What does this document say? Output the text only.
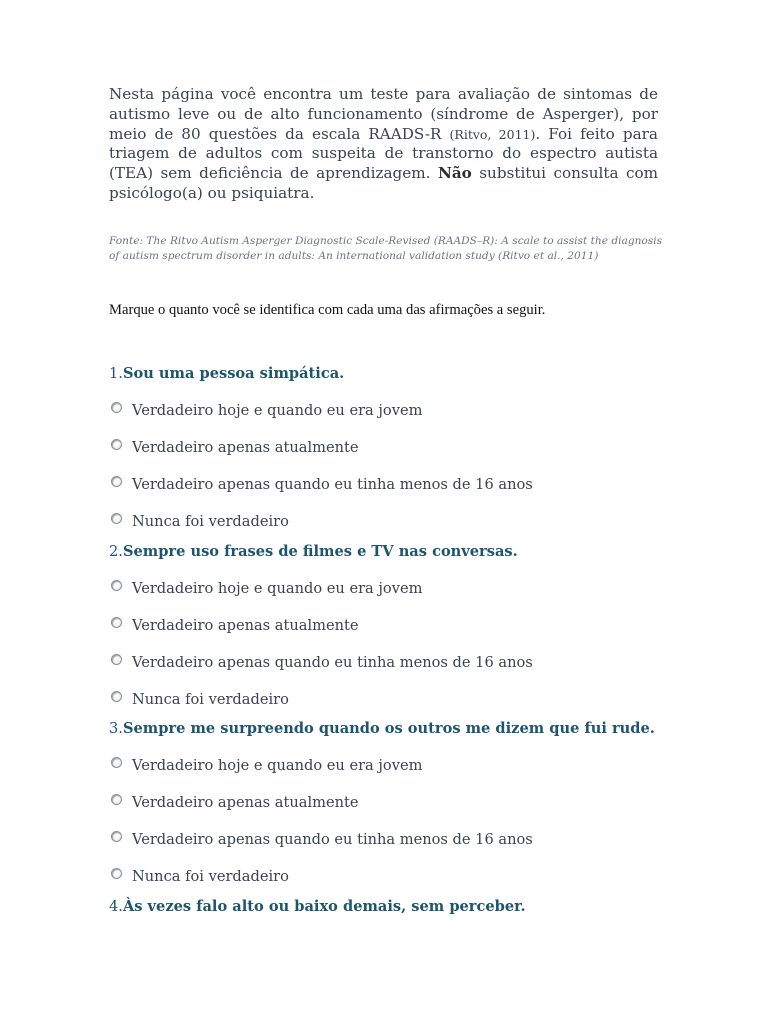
Nesta página você encontra um teste para avaliação de sintomas de autismo leve ou de alto funcionamento (síndrome de Asperger), por meio de 80 questões da escala RAADS-R (Ritvo, 2011). Foi feito para triagem de adultos com suspeita de transtorno do espectro autista (TEA) sem deficiência de aprendizagem. Não substitui consulta com psicólogo(a) ou psiquiatra.

Fonte: The Ritvo Autism Asperger Diagnostic Scale-Revised (RAADS–R): A scale to assist the diagnosis of autism spectrum disorder in adults: An international validation study (Ritvo et al., 2011)

Marque o quanto você se identifica com cada uma das afirmações a seguir.

1.Sou uma pessoa simpática.

Verdadeiro hoje e quando eu era jovem
Verdadeiro apenas atualmente
Verdadeiro apenas quando eu tinha menos de 16 anos
Nunca foi verdadeiro

2.Sempre uso frases de filmes e TV nas conversas.

Verdadeiro hoje e quando eu era jovem
Verdadeiro apenas atualmente
Verdadeiro apenas quando eu tinha menos de 16 anos
Nunca foi verdadeiro

3.Sempre me surpreendo quando os outros me dizem que fui rude.

Verdadeiro hoje e quando eu era jovem
Verdadeiro apenas atualmente
Verdadeiro apenas quando eu tinha menos de 16 anos
Nunca foi verdadeiro

4.Às vezes falo alto ou baixo demais, sem perceber.
